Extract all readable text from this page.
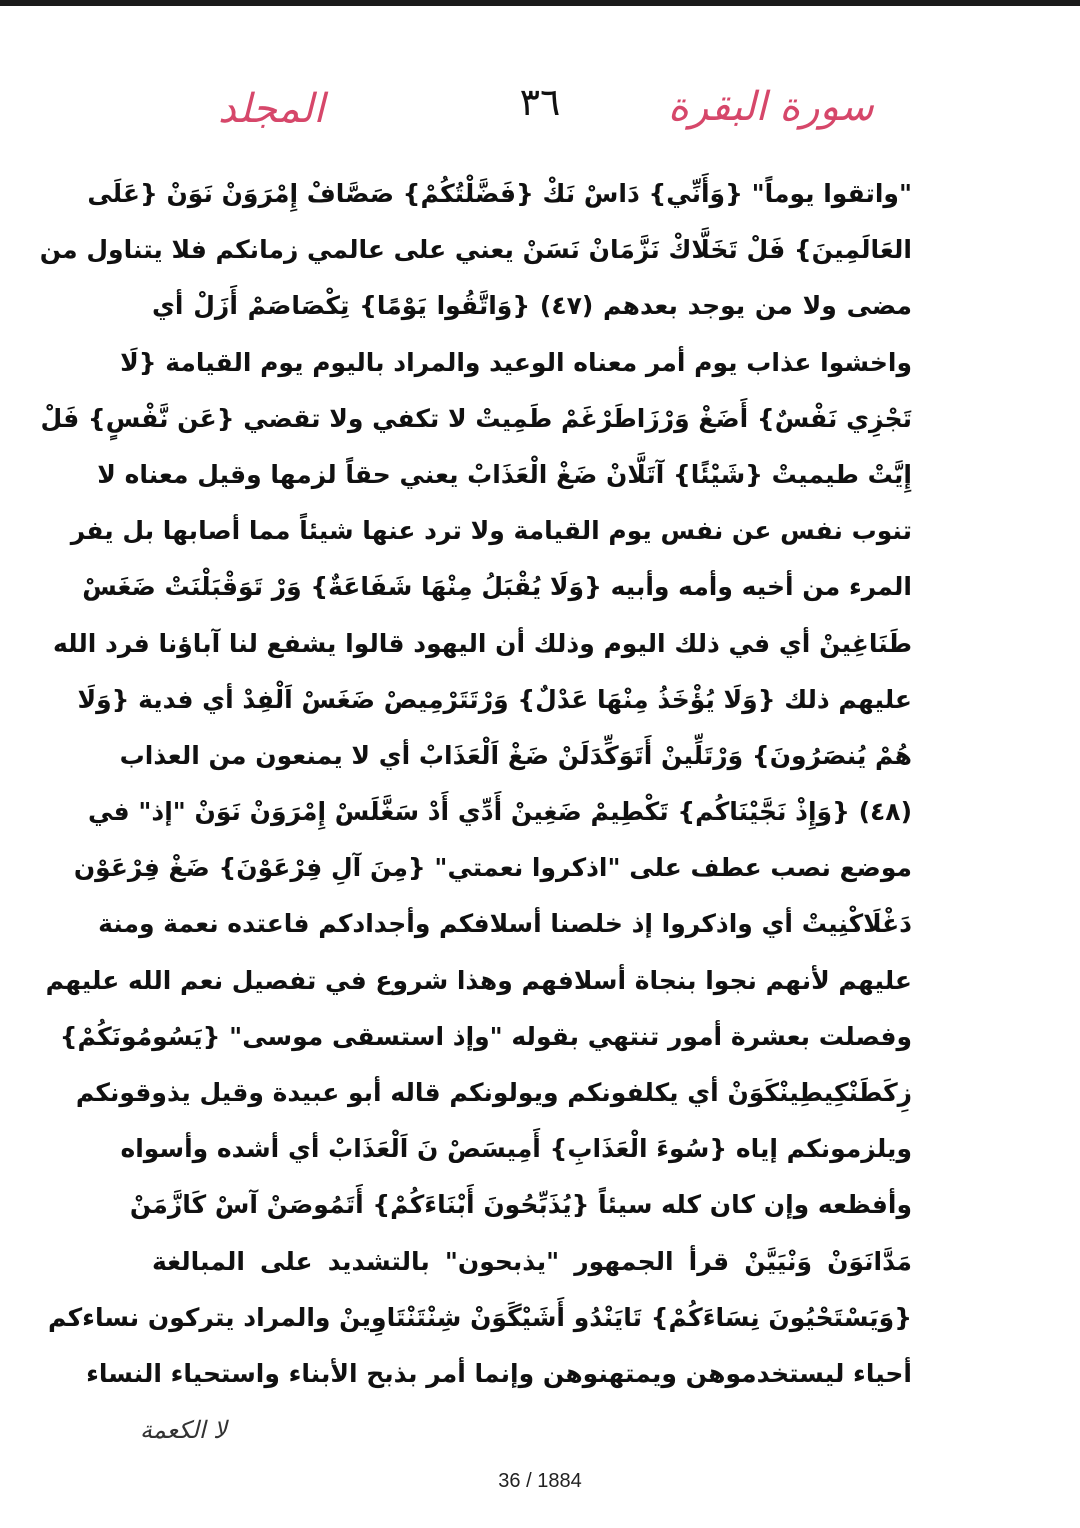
المجلد	٣٦	سورة البقرة
"واتقوا يوماً" {وَأَنِّي} دَاسْ نَكْ {فَضَّلْتُكُمْ} صَصَّافْ إِمْرَوَنْ نَوَنْ {عَلَى
العَالَمِينَ} فَلْ تَخَلَّاكْ نَزَّمَانْ نَسَنْ يعني على عالمي زمانكم فلا يتناول من
مضى ولا من يوجد بعدهم (٤٧) {وَاتَّقُوا يَوْمًا} تِكْصَاصَمْ أَزَلْ أي
واخشوا عذاب يوم أمر معناه الوعيد والمراد باليوم يوم القيامة {لَا
تَجْزِي نَفْسٌ} أَضَغْ وَرْزَاطَرْغَمْ طَمِيتْ لا تكفي ولا تقضي {عَن نَّفْسٍ} فَلْ
إِيَّتْ طيميتْ {شَيْئًا} آتَلَّانْ ضَغْ الْعَذَابْ يعني حقاً لزمها وقيل معناه لا
تنوب نفس عن نفس يوم القيامة ولا ترد عنها شيئاً مما أصابها بل يفر
المرء من أخيه وأمه وأبيه {وَلَا يُقْبَلُ مِنْهَا شَفَاعَةٌ} وَرْ تَوَقْبَلْنَتْ ضَغَسْ
طَنَاغِينْ أي في ذلك اليوم وذلك أن اليهود قالوا يشفع لنا آباؤنا فرد الله
عليهم ذلك {وَلَا يُؤْخَذُ مِنْهَا عَدْلٌ} وَرْتَتَرْمِيصْ ضَغَسْ اَلْفِدْ أي فدية {وَلَا
هُمْ يُنصَرُونَ} وَرْتَلِّينْ أَتَوَكِّدَلَنْ ضَغْ اَلْعَذَابْ أي لا يمنعون من العذاب
(٤٨) {وَإِذْ نَجَّيْنَاكُم} تَكْطِيمْ ضَغِينْ أَدِّي أَدْ سَغَّلَسْ إِمْرَوَنْ نَوَنْ "إذ" في
موضع نصب عطف على "اذكروا نعمتي" {مِنَ آلِ فِرْعَوْنَ} ضَغْ فِرْعَوْن
دَغْلَاكْنِيتْ أي واذكروا إذ خلصنا أسلافكم وأجدادكم فاعتده نعمة ومنة
عليهم لأنهم نجوا بنجاة أسلافهم وهذا شروع في تفصيل نعم الله عليهم
وفصلت بعشرة أمور تنتهي بقوله "وإذ استسقى موسى" {يَسُومُونَكُمْ}
زِكَطَنْكِيطِينْكَوَنْ أي يكلفونكم ويولونكم قاله أبو عبيدة وقيل يذوقونكم
ويلزمونكم إياه {سُوءَ الْعَذَابِ} أَمِيسَصْ نَ اَلْعَذَابْ أي أشده وأسواه
وأفظعه وإن كان كله سيئاً {يُذَبِّحُونَ أَبْنَاءَكُمْ} أَتَمُوصَنْ آسْ كَازَّمَنْ
مَدَّانَوَنْ وَنْيَيَّنْ قرأ الجمهور "يذبحون" بالتشديد على المبالغة
{وَيَسْتَحْيُونَ نِسَاءَكُمْ} تَايَنْدُو أَشَيْگَوَنْ شِنْتَنْتَاوِينْ والمراد يتركون نساءكم
أحياء ليستخدموهن ويمتهنوهن وإنما أمر بذبح الأبناء واستحياء النساء
لا الكعمة
36 / 1884
